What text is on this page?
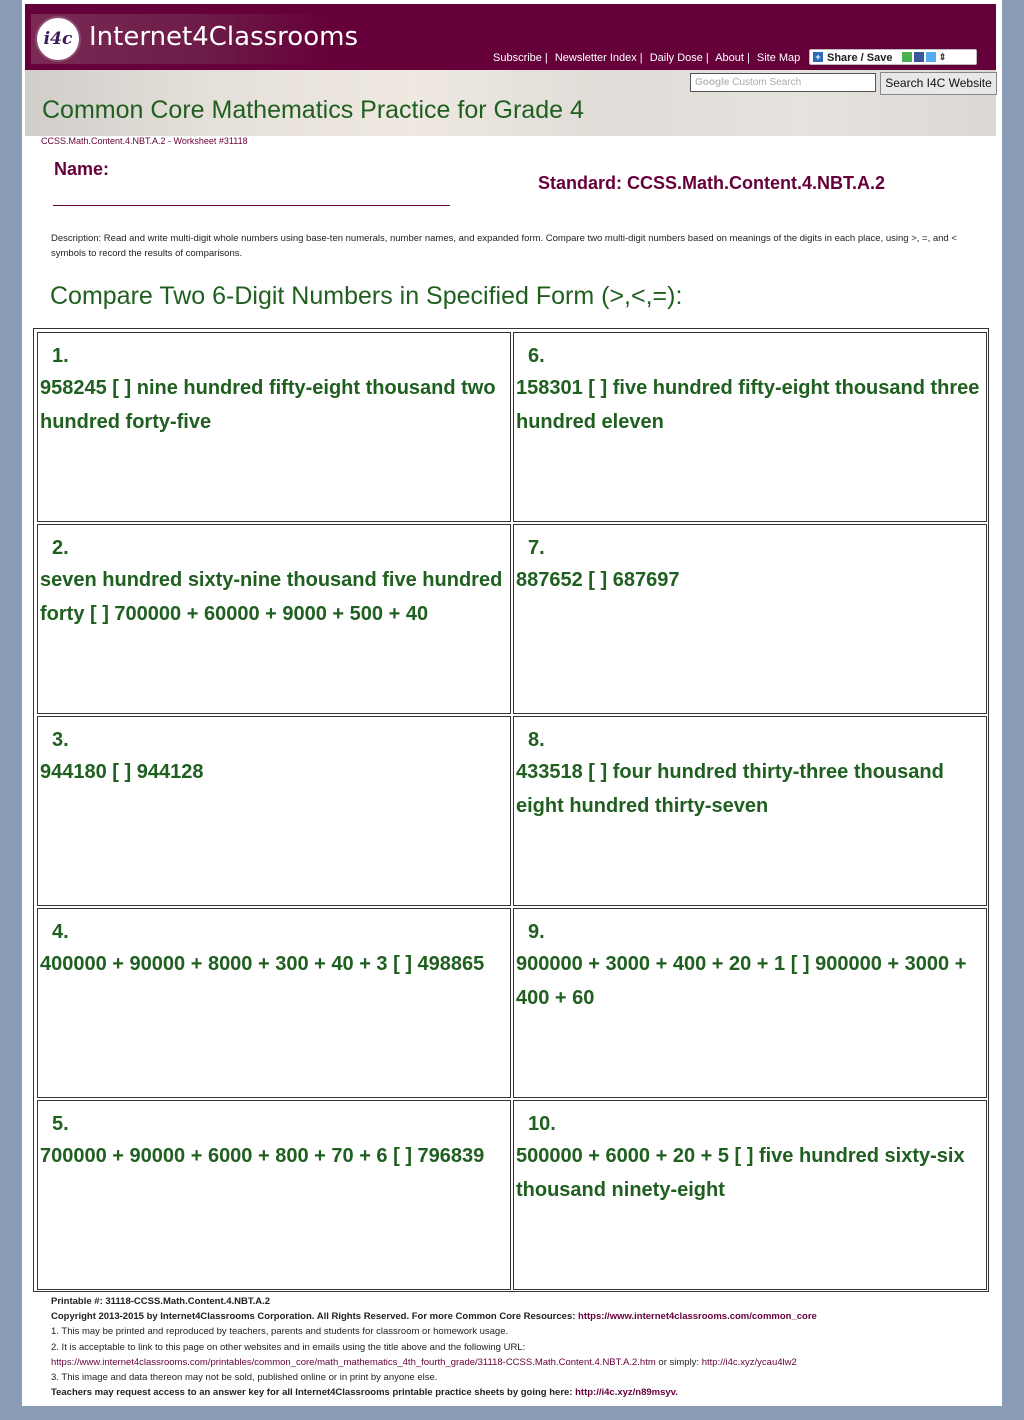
i4c Internet4Classrooms
Subscribe | Newsletter Index | Daily Dose | About | Site Map	+ Share / Save	⇕
Google Custom Search	Search I4C Website
Common Core Mathematics Practice for Grade 4
CCSS.Math.Content.4.NBT.A.2 - Worksheet #31118
Name:
Standard: CCSS.Math.Content.4.NBT.A.2
Description: Read and write multi-digit whole numbers using base-ten numerals, number names, and expanded form. Compare two multi-digit numbers based on meanings of the digits in each place, using >, =, and < symbols to record the results of comparisons.
Compare Two 6-Digit Numbers in Specified Form (>,<,=):
1.
958245 [ ] nine hundred fifty-eight thousand two hundred forty-five
6.
158301 [ ] five hundred fifty-eight thousand three hundred eleven
2.
seven hundred sixty-nine thousand five hundred forty [ ] 700000 + 60000 + 9000 + 500 + 40
7.
887652 [ ] 687697
3.
944180 [ ] 944128
8.
433518 [ ] four hundred thirty-three thousand eight hundred thirty-seven
4.
400000 + 90000 + 8000 + 300 + 40 + 3 [ ] 498865
9.
900000 + 3000 + 400 + 20 + 1 [ ] 900000 + 3000 + 400 + 60
5.
700000 + 90000 + 6000 + 800 + 70 + 6 [ ] 796839
10.
500000 + 6000 + 20 + 5 [ ] five hundred sixty-six thousand ninety-eight
Printable #: 31118-CCSS.Math.Content.4.NBT.A.2
Copyright 2013-2015 by Internet4Classrooms Corporation. All Rights Reserved. For more Common Core Resources: https://www.internet4classrooms.com/common_core
1. This may be printed and reproduced by teachers, parents and students for classroom or homework usage.
2. It is acceptable to link to this page on other websites and in emails using the title above and the following URL:
https://www.internet4classrooms.com/printables/common_core/math_mathematics_4th_fourth_grade/31118-CCSS.Math.Content.4.NBT.A.2.htm or simply: http://i4c.xyz/ycau4lw2
3. This image and data thereon may not be sold, published online or in print by anyone else.
Teachers may request access to an answer key for all Internet4Classrooms printable practice sheets by going here: http://i4c.xyz/n89msyv.
